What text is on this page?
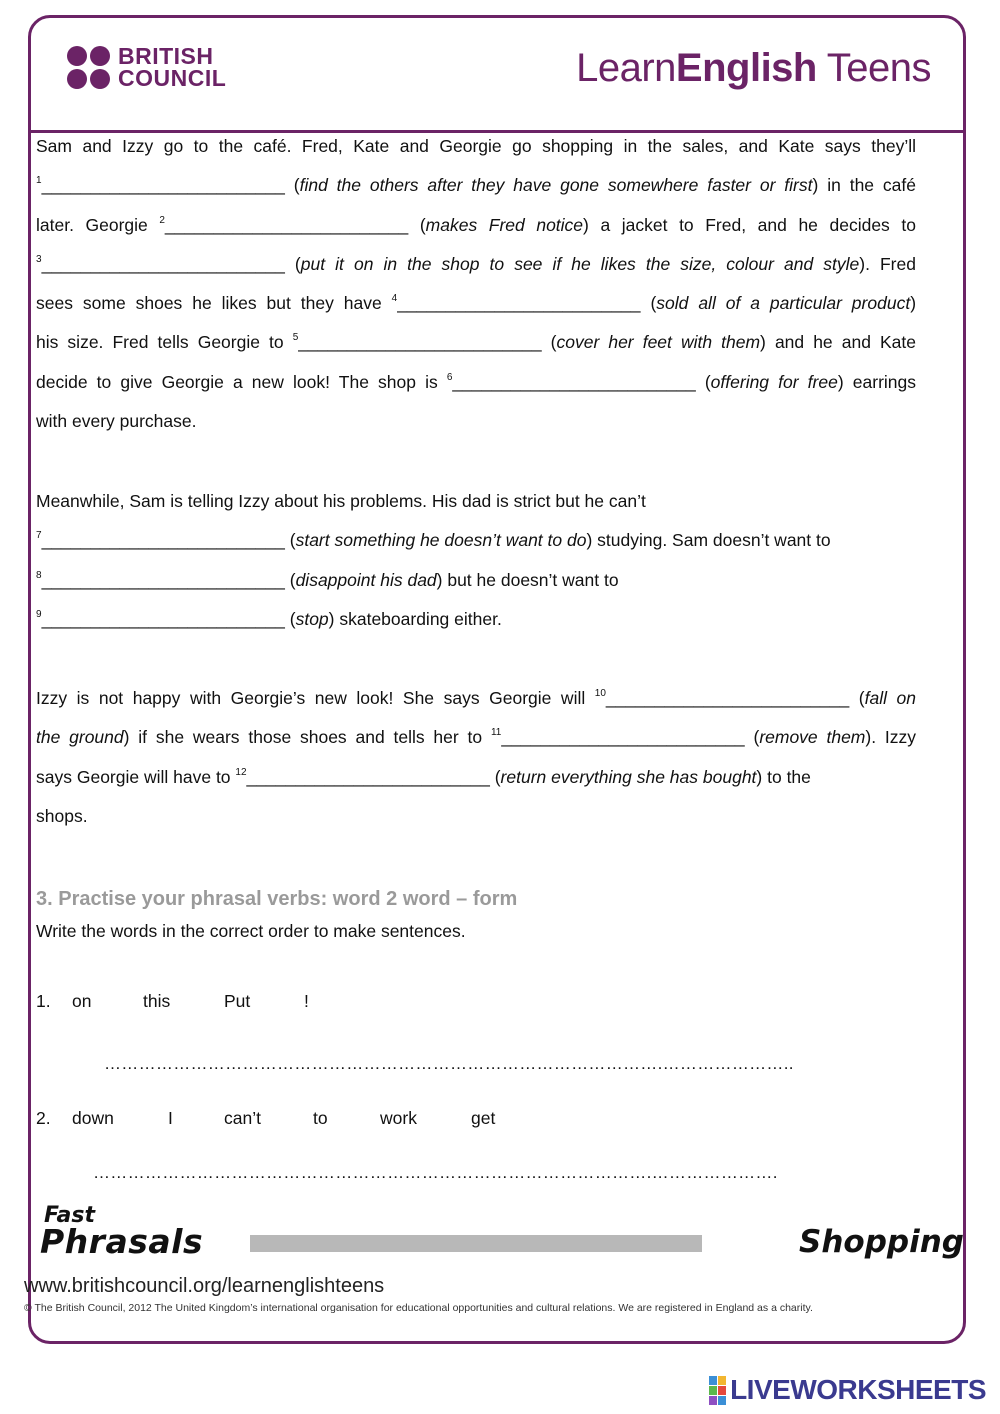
BRITISH
COUNCIL	LearnEnglish Teens
Sam and Izzy go to the café. Fred, Kate and Georgie go shopping in the sales, and Kate says they’ll
$^1$_________________________ (find the others after they have gone somewhere faster or first) in the café
later. Georgie $^2$_________________________ (makes Fred notice) a jacket to Fred, and he decides to
$^3$_________________________ (put it on in the shop to see if he likes the size, colour and style). Fred
sees some shoes he likes but they have $^4$_________________________ (sold all of a particular product)
his size. Fred tells Georgie to $^5$_________________________ (cover her feet with them) and he and Kate
decide to give Georgie a new look! The shop is $^6$_________________________ (offering for free) earrings
with every purchase.
Meanwhile, Sam is telling Izzy about his problems. His dad is strict but he can’t
$^7$_________________________ (start something he doesn’t want to do) studying. Sam doesn’t want to
$^8$_________________________ (disappoint his dad) but he doesn’t want to
$^9$_________________________ (stop) skateboarding either.
Izzy is not happy with Georgie’s new look! She says Georgie will $^{10}$_________________________ (fall on
the ground) if she wears those shoes and tells her to $^{11}$_________________________ (remove them). Izzy
says Georgie will have to $^{12}$_________________________ (return everything she has bought) to the
shops.
3. Practise your phrasal verbs: word 2 word – form
Write the words in the correct order to make sentences.
1. on	this	Put	!
…………………………………………………………………………………….…………………..
2. down	I	can’t	to	work	get
…………………………………………………………………………………….………………….
Fast
Phrasals	Shopping
www.britishcouncil.org/learnenglishteens
© The British Council, 2012 The United Kingdom’s international organisation for educational opportunities and cultural relations. We are registered in England as a charity.
LIVEWORKSHEETS
